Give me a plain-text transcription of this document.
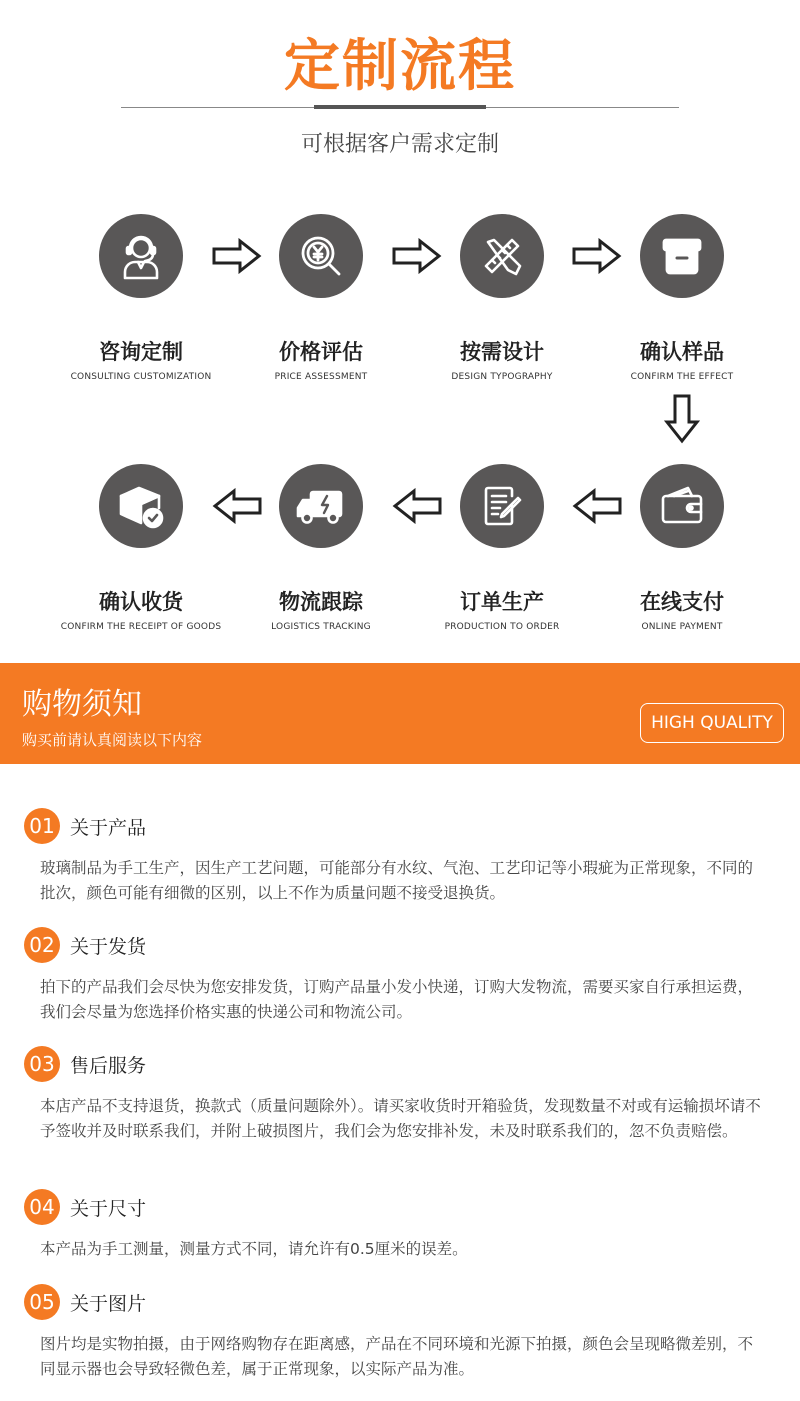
定制流程
可根据客户需求定制
咨询定制
CONSULTING CUSTOMIZATION
价格评估
PRICE ASSESSMENT
按需设计
DESIGN TYPOGRAPHY
确认样品
CONFIRM THE EFFECT
确认收货
CONFIRM THE RECEIPT OF GOODS
物流跟踪
LOGISTICS TRACKING
订单生产
PRODUCTION TO ORDER
在线支付
ONLINE PAYMENT
购物须知
购买前请认真阅读以下内容
HIGH QUALITY
01 关于产品
玻璃制品为手工生产，因生产工艺问题，可能部分有水纹、气泡、工艺印记等小瑕疵为正常现象，不同的批次，颜色可能有细微的区别，以上不作为质量问题不接受退换货。
02 关于发货
拍下的产品我们会尽快为您安排发货，订购产品量小发小快递，订购大发物流，需要买家自行承担运费，我们会尽量为您选择价格实惠的快递公司和物流公司。
03 售后服务
本店产品不支持退货，换款式（质量问题除外）。请买家收货时开箱验货，发现数量不对或有运输损坏请不予签收并及时联系我们，并附上破损图片，我们会为您安排补发，未及时联系我们的，忽不负责赔偿。
04 关于尺寸
本产品为手工测量，测量方式不同，请允许有0.5厘米的误差。
05 关于图片
图片均是实物拍摄，由于网络购物存在距离感，产品在不同环境和光源下拍摄，颜色会呈现略微差别，不同显示器也会导致轻微色差，属于正常现象，以实际产品为准。
